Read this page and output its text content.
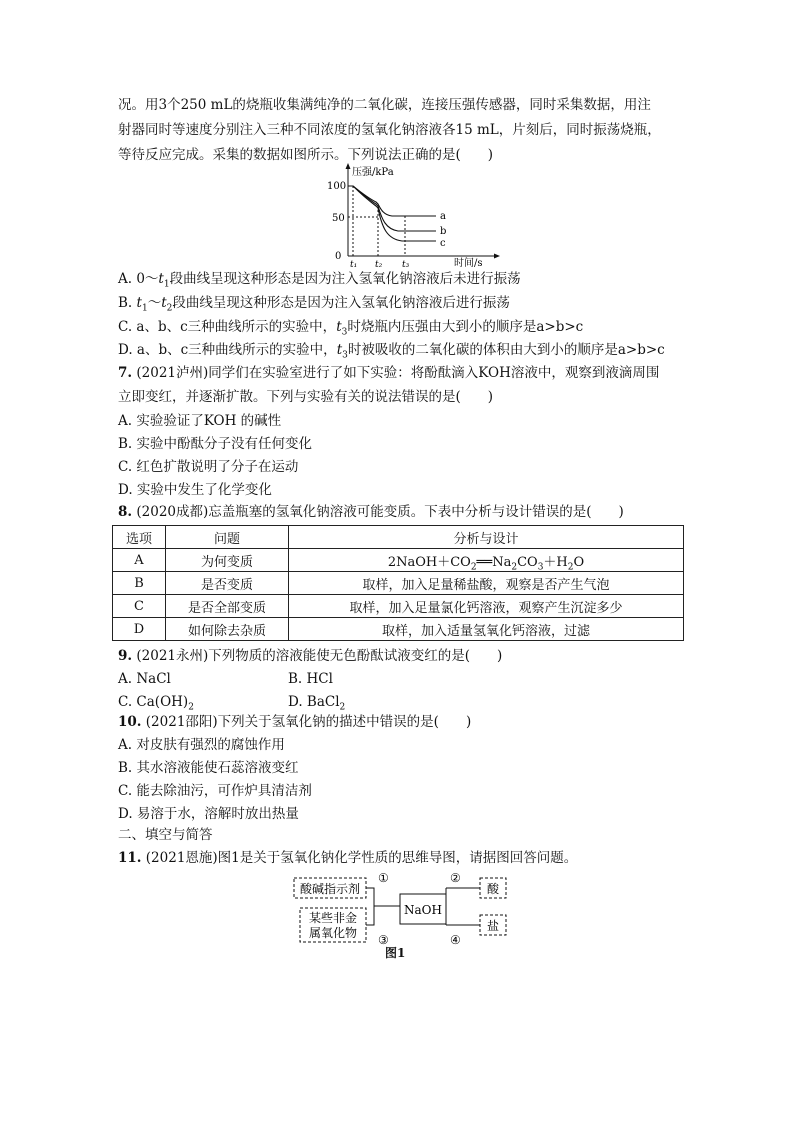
况。用3个250 mL的烧瓶收集满纯净的二氧化碳，连接压强传感器，同时采集数据，用注
射器同时等速度分别注入三种不同浓度的氢氧化钠溶液各15 mL，片刻后，同时振荡烧瓶，
等待反应完成。采集的数据如图所示。下列说法正确的是(　　)
压强/kPa
时间/s
100
50
0
t₁ t₂ t₃
a
b
c
A. $0\sim t_1$段曲线呈现这种形态是因为注入氢氧化钠溶液后未进行振荡
B. $t_1\sim t_2$段曲线呈现这种形态是因为注入氢氧化钠溶液后进行振荡
C. a、b、c三种曲线所示的实验中，$t_3$时烧瓶内压强由大到小的顺序是a>b>c
D. a、b、c三种曲线所示的实验中，$t_3$时被吸收的二氧化碳的体积由大到小的顺序是a>b>c
7. (2021泸州)同学们在实验室进行了如下实验：将酚酞滴入KOH溶液中，观察到液滴周围
立即变红，并逐渐扩散。下列与实验有关的说法错误的是(　　)
A. 实验验证了KOH 的碱性
B. 实验中酚酞分子没有任何变化
C. 红色扩散说明了分子在运动
D. 实验中发生了化学变化
8. (2020成都)忘盖瓶塞的氢氧化钠溶液可能变质。下表中分析与设计错误的是(　　)
选项	问题	分析与设计
A	为何变质	$2NaOH+CO_2══Na_2CO_3+H_2O$
B	是否变质	取样，加入足量稀盐酸，观察是否产生气泡
C	是否全部变质	取样，加入足量氯化钙溶液，观察产生沉淀多少
D	如何除去杂质	取样，加入适量氢氧化钙溶液，过滤
9. (2021永州)下列物质的溶液能使无色酚酞试液变红的是(　　)
A. NaCl	B. HCl
C. $Ca(OH)_2$	D. BaCl$_2$
10. (2021邵阳)下列关于氢氧化钠的描述中错误的是(　　)
A. 对皮肤有强烈的腐蚀作用
B. 其水溶液能使石蕊溶液变红
C. 能去除油污，可作炉具清洁剂
D. 易溶于水，溶解时放出热量
二、填空与简答
11. (2021恩施)图1是关于氢氧化钠化学性质的思维导图，请据图回答问题。
酸碱指示剂
某些非金
属氧化物
NaOH
①	②
③	④
酸
盐
图1
